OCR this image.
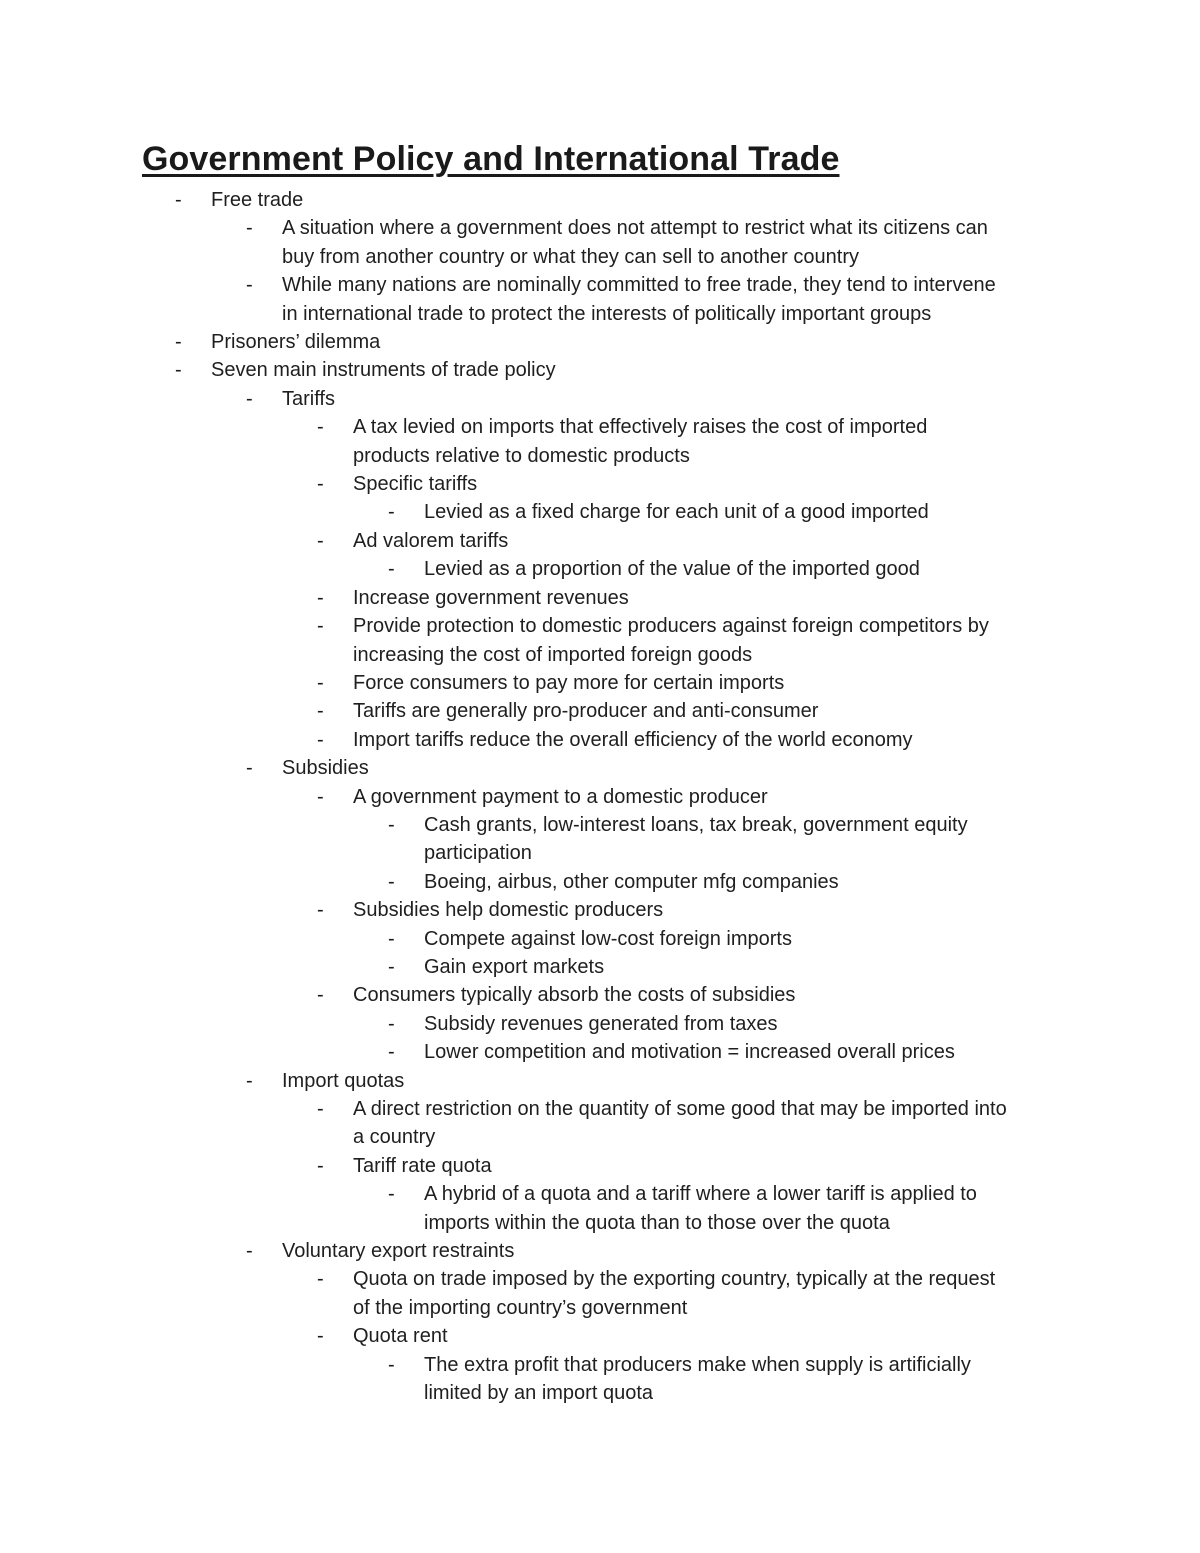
Government Policy and International Trade
- Free trade
- A situation where a government does not attempt to restrict what its citizens can
buy from another country or what they can sell to another country
- While many nations are nominally committed to free trade, they tend to intervene
in international trade to protect the interests of politically important groups
- Prisoners’ dilemma
- Seven main instruments of trade policy
- Tariffs
- A tax levied on imports that effectively raises the cost of imported
products relative to domestic products
- Specific tariffs
- Levied as a fixed charge for each unit of a good imported
- Ad valorem tariffs
- Levied as a proportion of the value of the imported good
- Increase government revenues
- Provide protection to domestic producers against foreign competitors by
increasing the cost of imported foreign goods
- Force consumers to pay more for certain imports
- Tariffs are generally pro-producer and anti-consumer
- Import tariffs reduce the overall efficiency of the world economy
- Subsidies
- A government payment to a domestic producer
- Cash grants, low-interest loans, tax break, government equity
participation
- Boeing, airbus, other computer mfg companies
- Subsidies help domestic producers
- Compete against low-cost foreign imports
- Gain export markets
- Consumers typically absorb the costs of subsidies
- Subsidy revenues generated from taxes
- Lower competition and motivation = increased overall prices
- Import quotas
- A direct restriction on the quantity of some good that may be imported into
a country
- Tariff rate quota
- A hybrid of a quota and a tariff where a lower tariff is applied to
imports within the quota than to those over the quota
- Voluntary export restraints
- Quota on trade imposed by the exporting country, typically at the request
of the importing country’s government
- Quota rent
- The extra profit that producers make when supply is artificially
limited by an import quota
